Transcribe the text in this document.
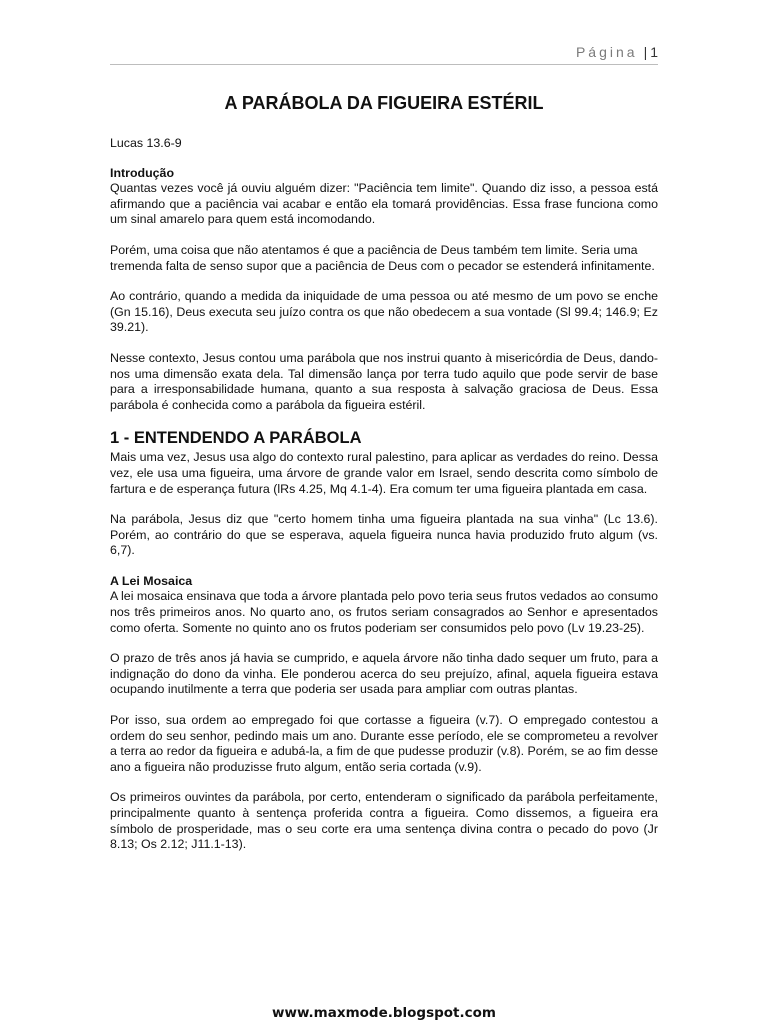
Página | 1
A PARÁBOLA DA FIGUEIRA ESTÉRIL
Lucas 13.6-9
Introdução

Quantas vezes você já ouviu alguém dizer: "Paciência tem limite". Quando diz isso, a pessoa está afirmando que a paciência vai acabar e então ela tomará providências. Essa frase funciona como um sinal amarelo para quem está incomodando.

Porém, uma coisa que não atentamos é que a paciência de Deus também tem limite. Seria uma tremenda falta de senso supor que a paciência de Deus com o pecador se estenderá infinitamente.

Ao contrário, quando a medida da iniquidade de uma pessoa ou até mesmo de um povo se enche (Gn 15.16), Deus executa seu juízo contra os que não obedecem a sua vontade (Sl 99.4; 146.9; Ez 39.21).

Nesse contexto, Jesus contou uma parábola que nos instrui quanto à misericórdia de Deus, dando-nos uma dimensão exata dela. Tal dimensão lança por terra tudo aquilo que pode servir de base para a irresponsabilidade humana, quanto a sua resposta à salvação graciosa de Deus. Essa parábola é conhecida como a parábola da figueira estéril.

1 - ENTENDENDO A PARÁBOLA

Mais uma vez, Jesus usa algo do contexto rural palestino, para aplicar as verdades do reino. Dessa vez, ele usa uma figueira, uma árvore de grande valor em Israel, sendo descrita como símbolo de fartura e de esperança futura (lRs 4.25, Mq 4.1-4). Era comum ter uma figueira plantada em casa.

Na parábola, Jesus diz que "certo homem tinha uma figueira plantada na sua vinha" (Lc 13.6). Porém, ao contrário do que se esperava, aquela figueira nunca havia produzido fruto algum (vs. 6,7).

A Lei Mosaica

A lei mosaica ensinava que toda a árvore plantada pelo povo teria seus frutos vedados ao consumo nos três primeiros anos. No quarto ano, os frutos seriam consagrados ao Senhor e apresentados como oferta. Somente no quinto ano os frutos poderiam ser consumidos pelo povo (Lv 19.23-25).

O prazo de três anos já havia se cumprido, e aquela árvore não tinha dado sequer um fruto, para a indignação do dono da vinha. Ele ponderou acerca do seu prejuízo, afinal, aquela figueira estava ocupando inutilmente a terra que poderia ser usada para ampliar com outras plantas.

Por isso, sua ordem ao empregado foi que cortasse a figueira (v.7). O empregado contestou a ordem do seu senhor, pedindo mais um ano. Durante esse período, ele se comprometeu a revolver a terra ao redor da figueira e adubá-la, a fim de que pudesse produzir (v.8). Porém, se ao fim desse ano a figueira não produzisse fruto algum, então seria cortada (v.9).

Os primeiros ouvintes da parábola, por certo, entenderam o significado da parábola perfeitamente, principalmente quanto à sentença proferida contra a figueira. Como dissemos, a figueira era símbolo de prosperidade, mas o seu corte era uma sentença divina contra o pecado do povo (Jr 8.13; Os 2.12; J11.1-13).

www.maxmode.blogspot.com
